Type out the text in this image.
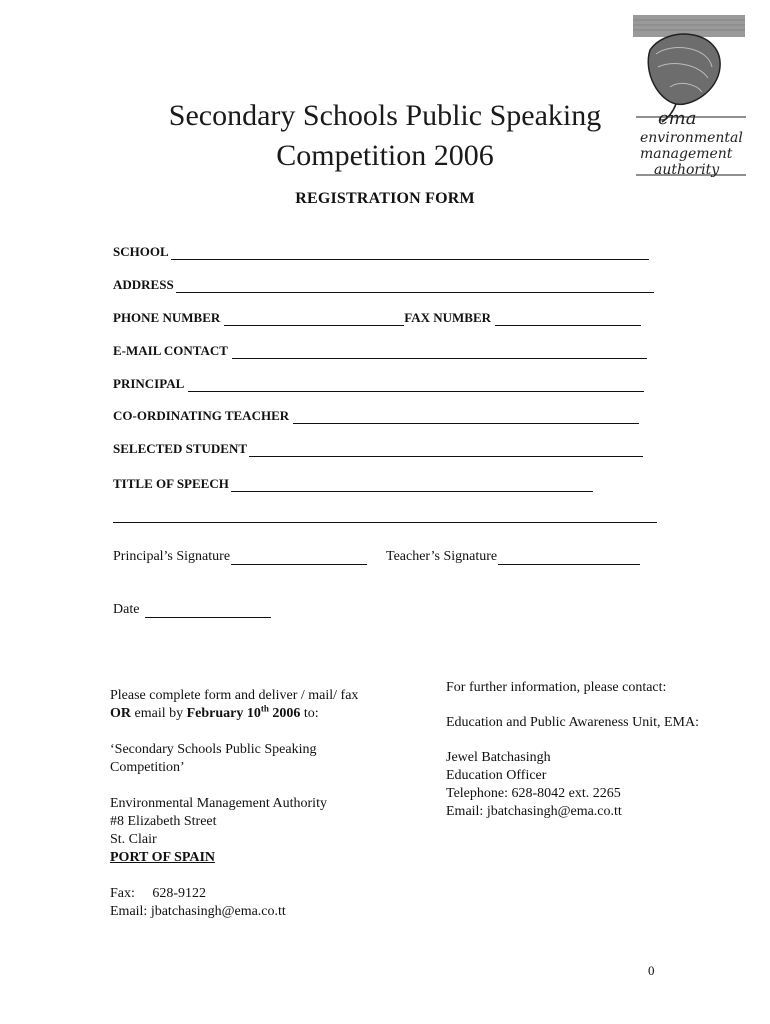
ema
environmental
management
authority
Secondary Schools Public Speaking
Competition 2006
REGISTRATION FORM
SCHOOL
ADDRESS
PHONE NUMBER	FAX NUMBER
E-MAIL CONTACT
PRINCIPAL
CO-ORDINATING TEACHER
SELECTED STUDENT
TITLE OF SPEECH
Principal’s Signature	Teacher’s Signature
Date
Please complete form and deliver / mail/ fax
OR email by February 10th 2006 to:
‘Secondary Schools Public Speaking
Competition’
Environmental Management Authority
#8 Elizabeth Street
St. Clair
PORT OF SPAIN
Fax:     628-9122
Email: jbatchasingh@ema.co.tt
For further information, please contact:
Education and Public Awareness Unit, EMA:
Jewel Batchasingh
Education Officer
Telephone: 628-8042 ext. 2265
Email: jbatchasingh@ema.co.tt
0
